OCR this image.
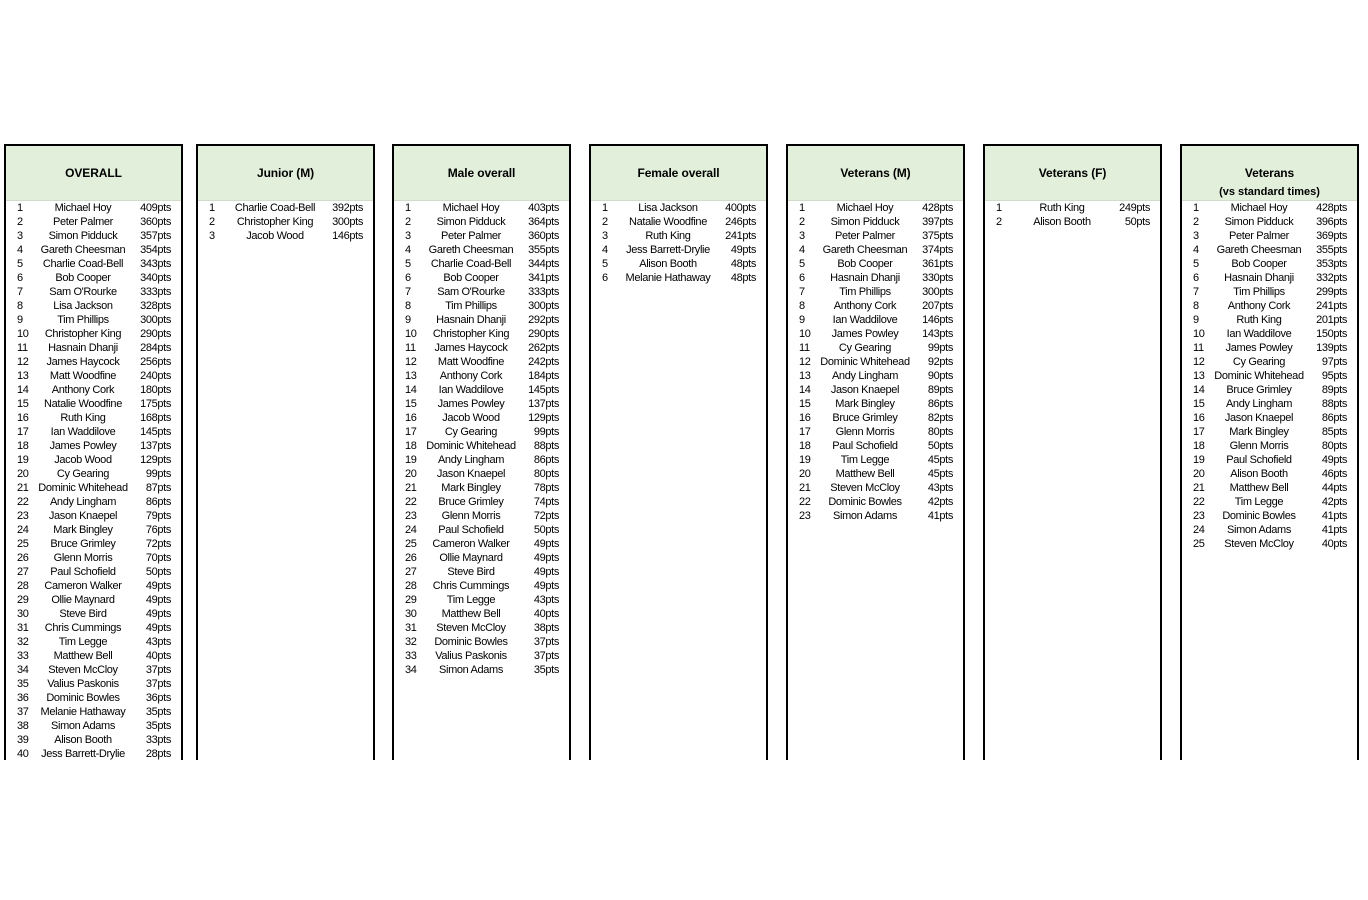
OVERALL
1	Michael Hoy	409pts
2	Peter Palmer	360pts
3	Simon Pidduck	357pts
4	Gareth Cheesman	354pts
5	Charlie Coad-Bell	343pts
6	Bob Cooper	340pts
7	Sam O'Rourke	333pts
8	Lisa Jackson	328pts
9	Tim Phillips	300pts
10	Christopher King	290pts
11	Hasnain Dhanji	284pts
12	James Haycock	256pts
13	Matt Woodfine	240pts
14	Anthony Cork	180pts
15	Natalie Woodfine	175pts
16	Ruth King	168pts
17	Ian Waddilove	145pts
18	James Powley	137pts
19	Jacob Wood	129pts
20	Cy Gearing	99pts
21 Dominic Whitehead	87pts
22	Andy Lingham	86pts
23	Jason Knaepel	79pts
24	Mark Bingley	76pts
25	Bruce Grimley	72pts
26	Glenn Morris	70pts
27	Paul Schofield	50pts
28	Cameron Walker	49pts
29	Ollie Maynard	49pts
30	Steve Bird	49pts
31	Chris Cummings	49pts
32	Tim Legge	43pts
33	Matthew Bell	40pts
34	Steven McCloy	37pts
35	Valius Paskonis	37pts
36	Dominic Bowles	36pts
37	Melanie Hathaway	35pts
38	Simon Adams	35pts
39	Alison Booth	33pts
40	Jess Barrett-Drylie	28pts
Junior (M)
1	Charlie Coad-Bell	392pts
2	Christopher King	300pts
3	Jacob Wood	146pts
Male overall
1	Michael Hoy	403pts
2	Simon Pidduck	364pts
3	Peter Palmer	360pts
4	Gareth Cheesman	355pts
5	Charlie Coad-Bell	344pts
6	Bob Cooper	341pts
7	Sam O'Rourke	333pts
8	Tim Phillips	300pts
9	Hasnain Dhanji	292pts
10	Christopher King	290pts
11	James Haycock	262pts
12	Matt Woodfine	242pts
13	Anthony Cork	184pts
14	Ian Waddilove	145pts
15	James Powley	137pts
16	Jacob Wood	129pts
17	Cy Gearing	99pts
18 Dominic Whitehead	88pts
19	Andy Lingham	86pts
20	Jason Knaepel	80pts
21	Mark Bingley	78pts
22	Bruce Grimley	74pts
23	Glenn Morris	72pts
24	Paul Schofield	50pts
25	Cameron Walker	49pts
26	Ollie Maynard	49pts
27	Steve Bird	49pts
28	Chris Cummings	49pts
29	Tim Legge	43pts
30	Matthew Bell	40pts
31	Steven McCloy	38pts
32	Dominic Bowles	37pts
33	Valius Paskonis	37pts
34	Simon Adams	35pts
Female overall
1	Lisa Jackson	400pts
2	Natalie Woodfine	246pts
3	Ruth King	241pts
4	Jess Barrett-Drylie	49pts
5	Alison Booth	48pts
6	Melanie Hathaway	48pts
Veterans (M)
1	Michael Hoy	428pts
2	Simon Pidduck	397pts
3	Peter Palmer	375pts
4	Gareth Cheesman	374pts
5	Bob Cooper	361pts
6	Hasnain Dhanji	330pts
7	Tim Phillips	300pts
8	Anthony Cork	207pts
9	Ian Waddilove	146pts
10	James Powley	143pts
11	Cy Gearing	99pts
12 Dominic Whitehead	92pts
13	Andy Lingham	90pts
14	Jason Knaepel	89pts
15	Mark Bingley	86pts
16	Bruce Grimley	82pts
17	Glenn Morris	80pts
18	Paul Schofield	50pts
19	Tim Legge	45pts
20	Matthew Bell	45pts
21	Steven McCloy	43pts
22	Dominic Bowles	42pts
23	Simon Adams	41pts
Veterans (F)
1	Ruth King	249pts
2	Alison Booth	50pts
Veterans
(vs standard times)
1	Michael Hoy	428pts
2	Simon Pidduck	396pts
3	Peter Palmer	369pts
4	Gareth Cheesman	355pts
5	Bob Cooper	353pts
6	Hasnain Dhanji	332pts
7	Tim Phillips	299pts
8	Anthony Cork	241pts
9	Ruth King	201pts
10	Ian Waddilove	150pts
11	James Powley	139pts
12	Cy Gearing	97pts
13 Dominic Whitehead	95pts
14	Bruce Grimley	89pts
15	Andy Lingham	88pts
16	Jason Knaepel	86pts
17	Mark Bingley	85pts
18	Glenn Morris	80pts
19	Paul Schofield	49pts
20	Alison Booth	46pts
21	Matthew Bell	44pts
22	Tim Legge	42pts
23	Dominic Bowles	41pts
24	Simon Adams	41pts
25	Steven McCloy	40pts
